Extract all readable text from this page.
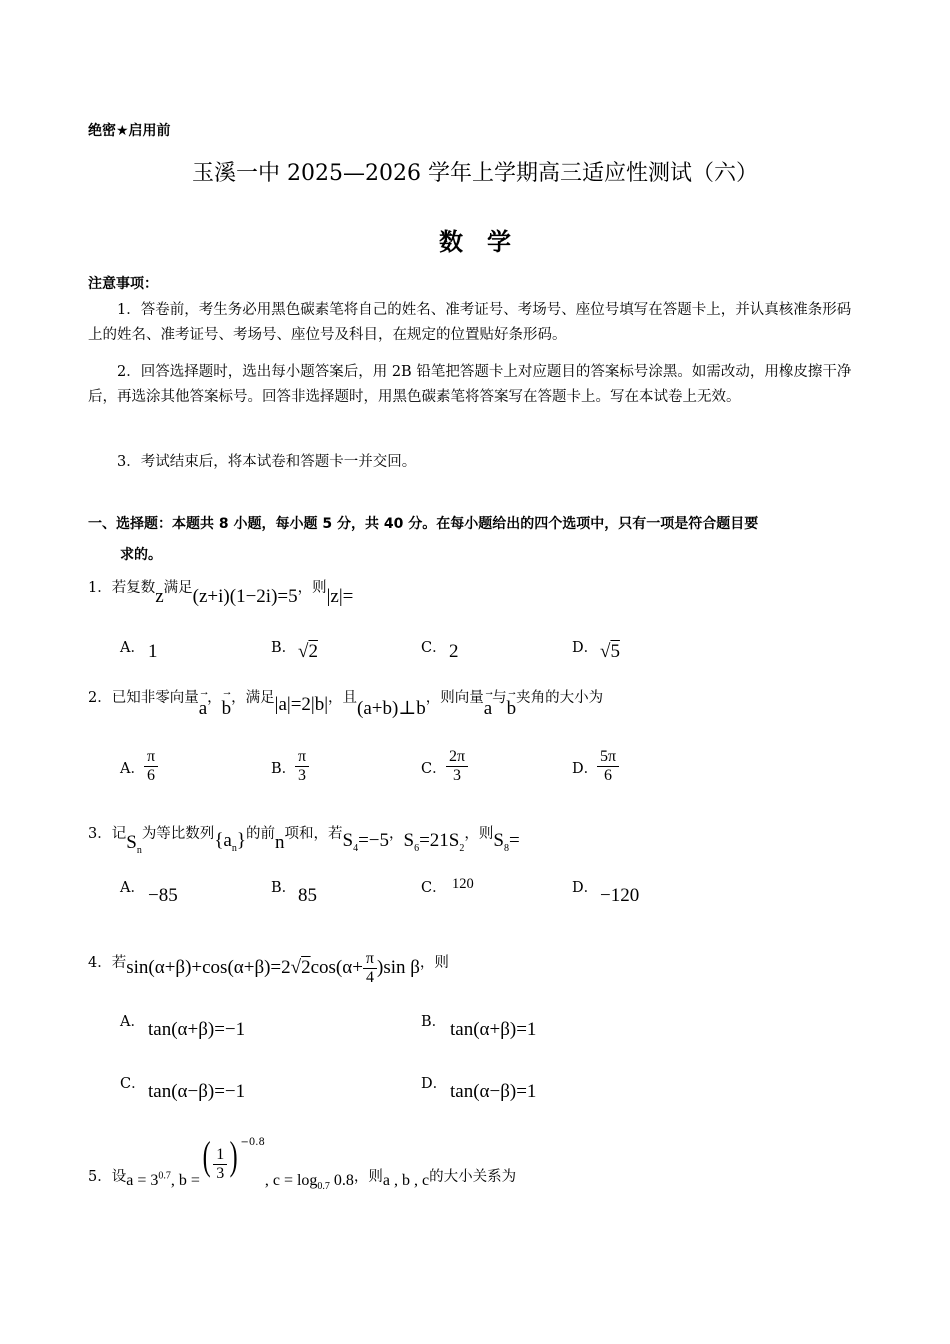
绝密★启用前
玉溪一中 2025—2026 学年上学期高三适应性测试（六）
数　学
注意事项：
1．答卷前，考生务必用黑色碳素笔将自己的姓名、准考证号、考场号、座位号填写在答题卡上，并认真核准条形码上的姓名、准考证号、考场号、座位号及科目，在规定的位置贴好条形码。
2．回答选择题时，选出每小题答案后，用 2B 铅笔把答题卡上对应题目的答案标号涂黑。如需改动，用橡皮擦干净后，再选涂其他答案标号。回答非选择题时，用黑色碳素笔将答案写在答题卡上。写在本试卷上无效。
3．考试结束后，将本试卷和答题卡一并交回。
一、选择题：本题共 8 小题，每小题 5 分，共 40 分。在每小题给出的四个选项中，只有一项是符合题目要
求的。
1．若复数z满足(z+i)(1−2i)=5，则|z|=
A． 1	B． √2	C． 2	D． √5
2．已知非零向量→ a，→ b，满足|a|=2|b|，且(a+b)⊥b，则向量→ a与→ b夹角的大小为
A． $\frac{\pi}{6}$	B．
$\frac{\pi}{3}$	C． $\frac{2\pi}{3}$	D．
$\frac{5\pi}{6}$
3．记$S_n$为等比数列$\{a_n\}$的前n项和，若$S_4=-5$，$S_6=21S_2$，则$S_8=$
A． −85	B． 85	C． 120	D． −120
4．若$\sin(\alpha+\beta)+\cos(\alpha+\beta)=2√2\cos(\alpha+ \frac{\pi}{4} )\sin$ β，则
A． tan(α+β)=−1	B． tan(α+β)=1
C． tan(α−β)=−1	D． tan(α−β)=1
5．设$a = 3^{0.7}$, b =( $\frac{1}{3}$ ) $^{-0.8}$, $c = \log_{0.7} 0.8$，则a , b , c的大小关系为
